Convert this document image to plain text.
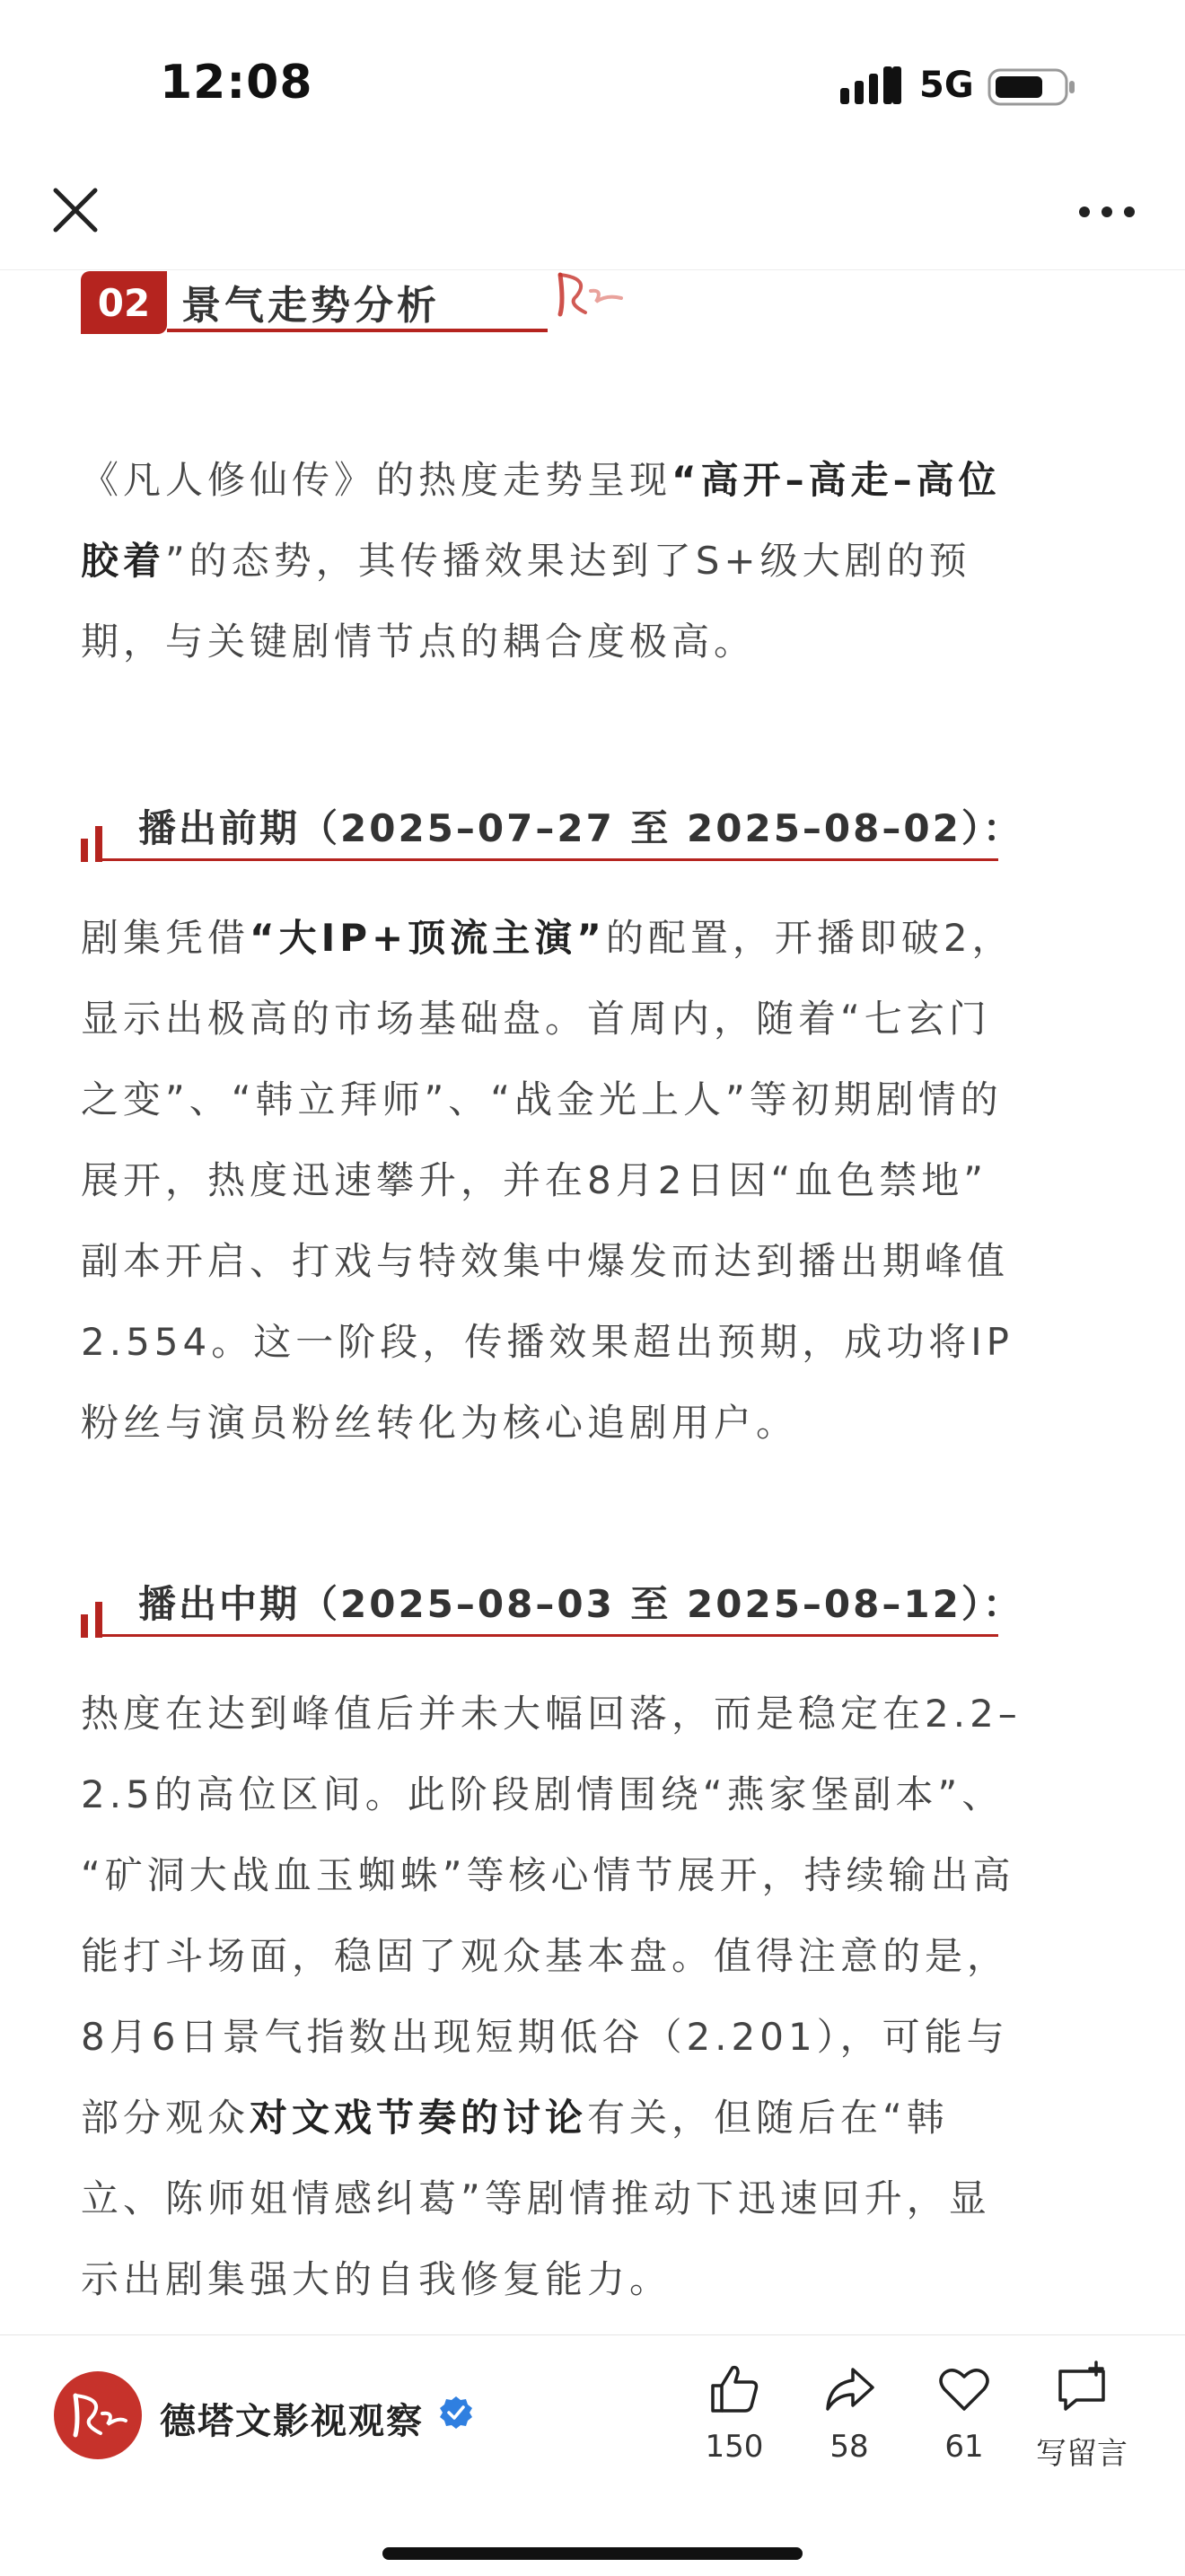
12:08	5G
02 景气走势分析

《凡人修仙传》的热度走势呈现“高开–高走–高位
胶着”的态势，其传播效果达到了S+级大剧的预
期，与关键剧情节点的耦合度极高。

播出前期（2025–07–27 至 2025–08–02）：

剧集凭借“大IP+顶流主演”的配置，开播即破2，
显示出极高的市场基础盘。首周内，随着“七玄门
之变”、“韩立拜师”、“战金光上人”等初期剧情的
展开，热度迅速攀升，并在8月2日因“血色禁地”
副本开启、打戏与特效集中爆发而达到播出期峰值
2.554。这一阶段，传播效果超出预期，成功将IP
粉丝与演员粉丝转化为核心追剧用户。

播出中期（2025–08–03 至 2025–08–12）：

热度在达到峰值后并未大幅回落，而是稳定在2.2–
2.5的高位区间。此阶段剧情围绕“燕家堡副本”、
“矿洞大战血玉蜘蛛”等核心情节展开，持续输出高
能打斗场面，稳固了观众基本盘。值得注意的是，
8月6日景气指数出现短期低谷（2.201），可能与
部分观众对文戏节奏的讨论有关，但随后在“韩
立、陈师姐情感纠葛”等剧情推动下迅速回升，显
示出剧集强大的自我修复能力。

德塔文影视观察
150	58	61	写留言
